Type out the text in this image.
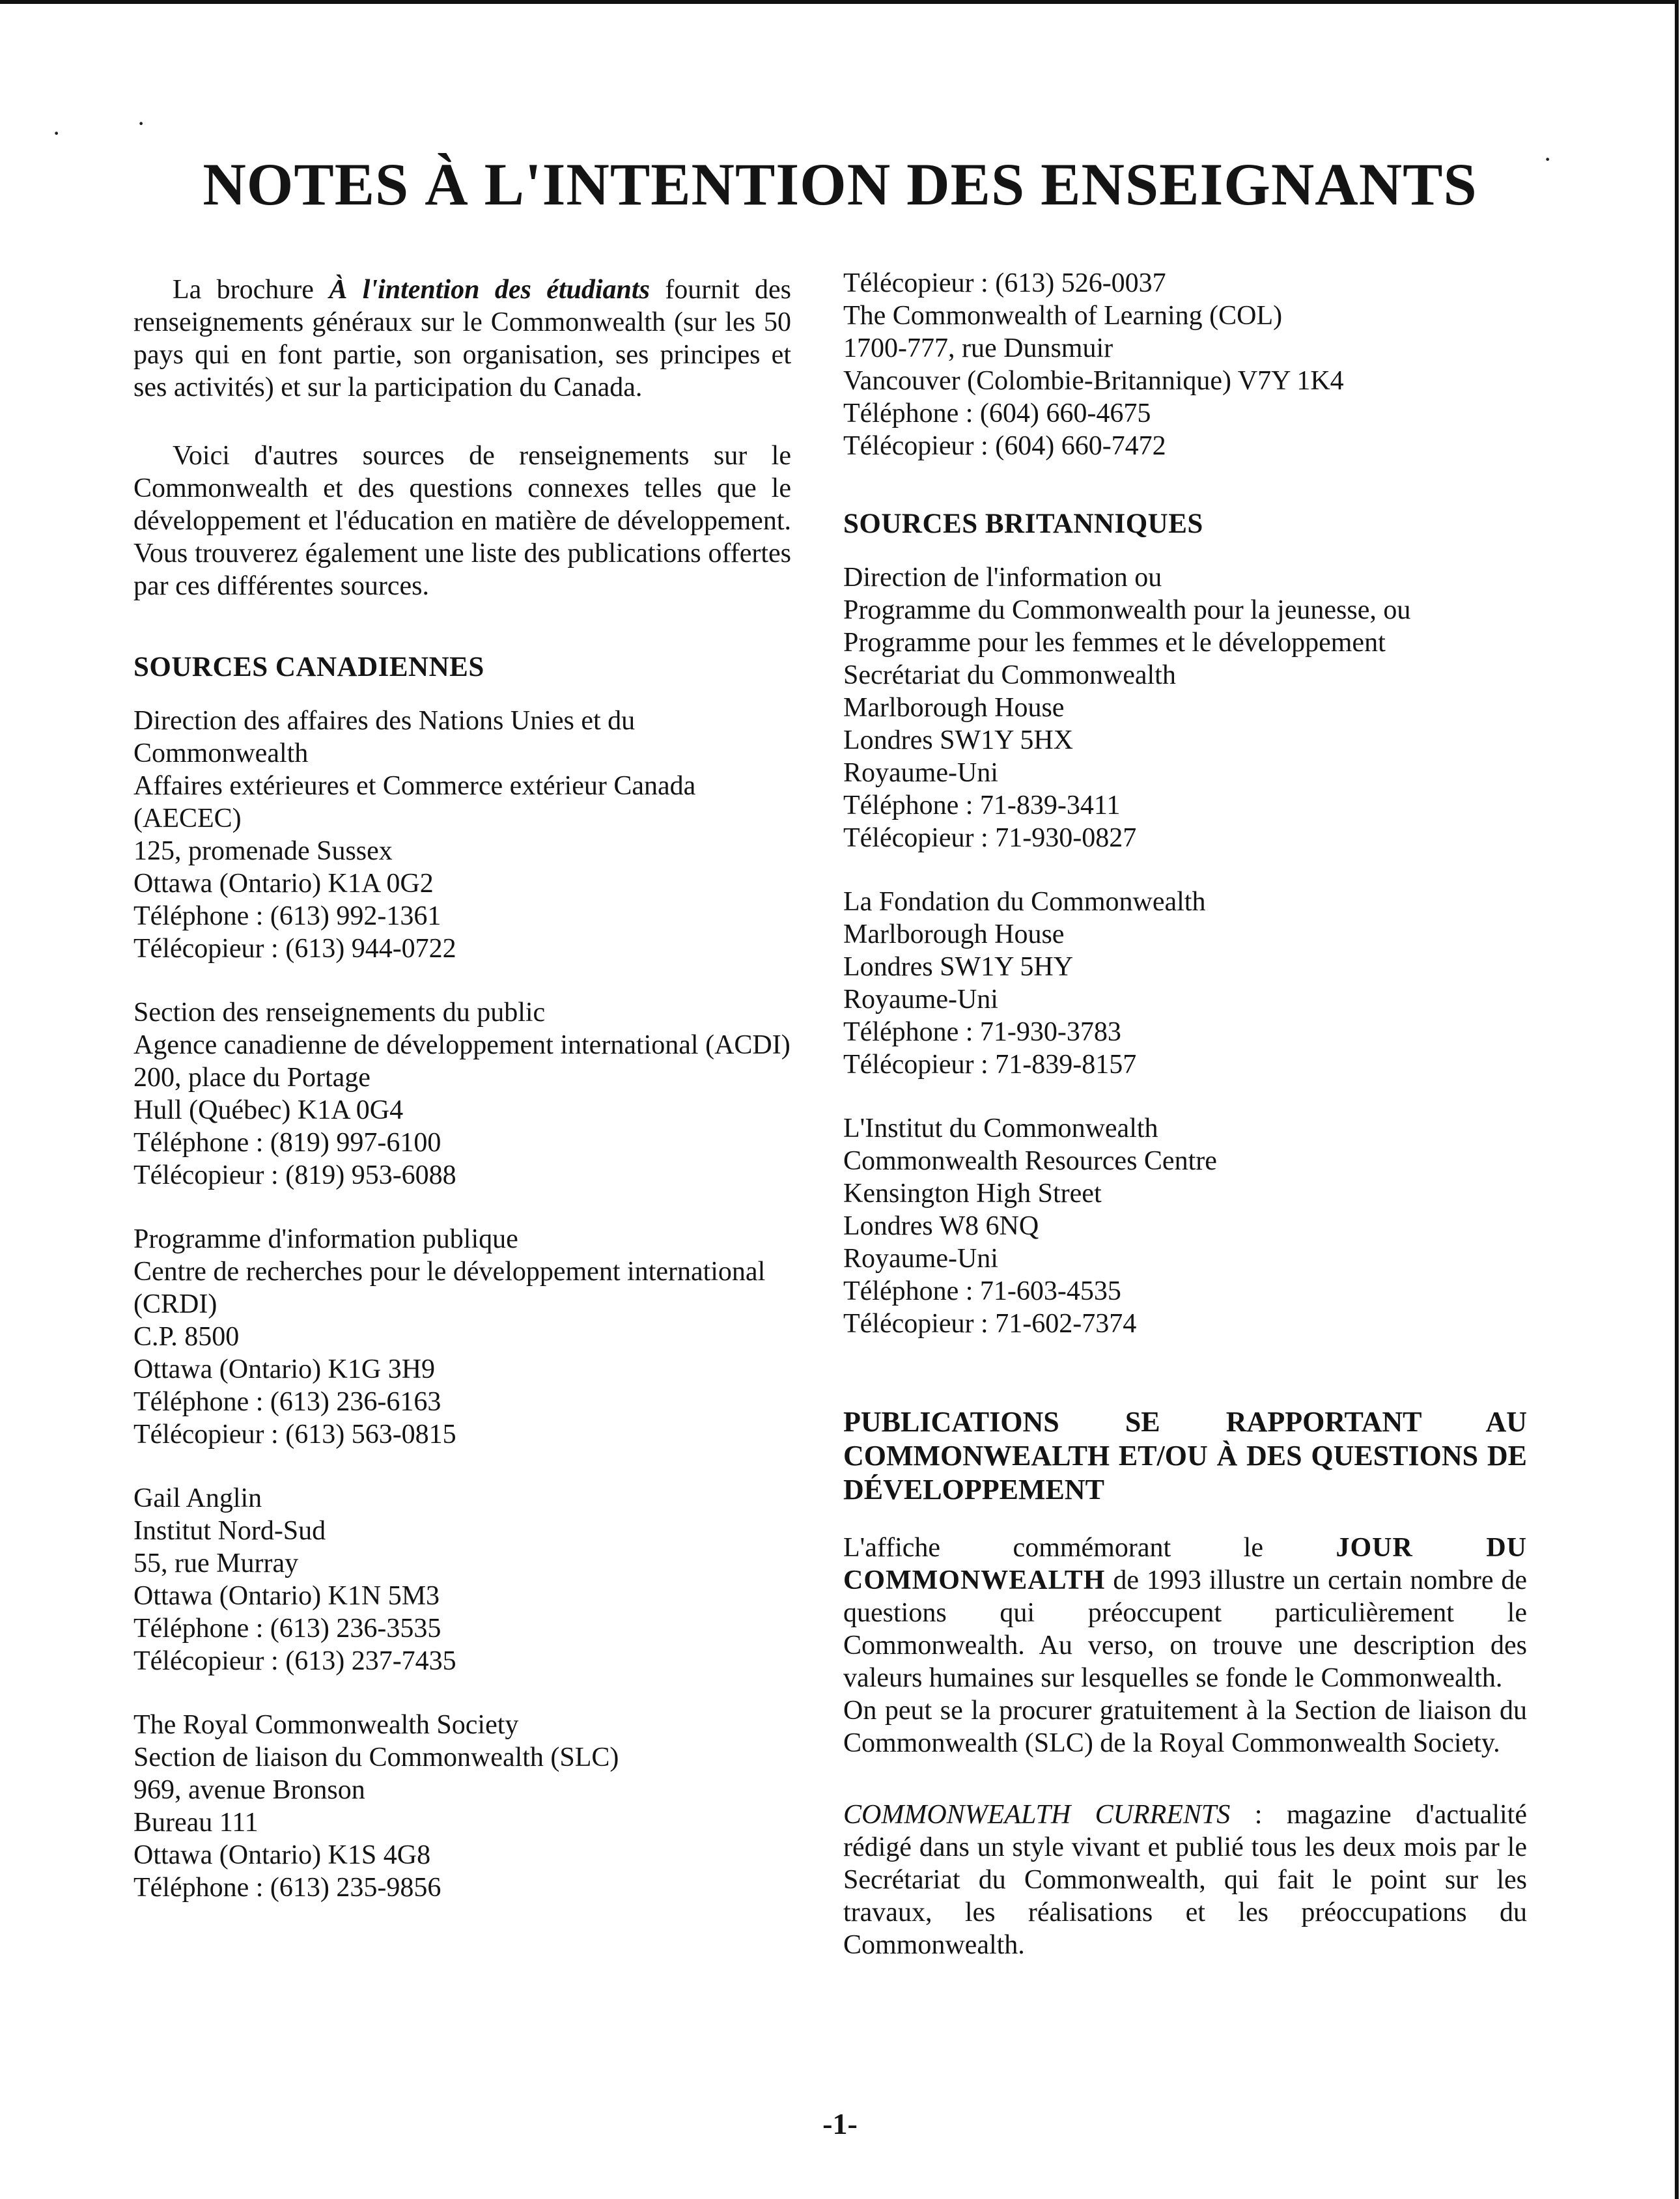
·	·
·
NOTES À L'INTENTION DES ENSEIGNANTS

La brochure À l'intention des étudiants fournit des renseignements généraux sur le Commonwealth (sur les 50 pays qui en font partie, son organisation, ses principes et ses activités) et sur la participation du Canada.

Voici d'autres sources de renseignements sur le Commonwealth et des questions connexes telles que le développement et l'éducation en matière de développement. Vous trouverez également une liste des publications offertes par ces différentes sources.

SOURCES CANADIENNES
Direction des affaires des Nations Unies et du Commonwealth
Affaires extérieures et Commerce extérieur Canada (AECEC)
125, promenade Sussex
Ottawa (Ontario) K1A 0G2
Téléphone : (613) 992-1361
Télécopieur : (613) 944-0722
Section des renseignements du public
Agence canadienne de développement international (ACDI)
200, place du Portage
Hull (Québec) K1A 0G4
Téléphone : (819) 997-6100
Télécopieur : (819) 953-6088
Programme d'information publique
Centre de recherches pour le développement international (CRDI)
C.P. 8500
Ottawa (Ontario) K1G 3H9
Téléphone : (613) 236-6163
Télécopieur : (613) 563-0815
Gail Anglin
Institut Nord-Sud
55, rue Murray
Ottawa (Ontario) K1N 5M3
Téléphone : (613) 236-3535
Télécopieur : (613) 237-7435
The Royal Commonwealth Society
Section de liaison du Commonwealth (SLC)
969, avenue Bronson
Bureau 111
Ottawa (Ontario) K1S 4G8
Téléphone : (613) 235-9856
Télécopieur : (613) 526-0037
The Commonwealth of Learning (COL)
1700-777, rue Dunsmuir
Vancouver (Colombie-Britannique) V7Y 1K4
Téléphone : (604) 660-4675
Télécopieur : (604) 660-7472
SOURCES BRITANNIQUES
Direction de l'information ou
Programme du Commonwealth pour la jeunesse, ou
Programme pour les femmes et le développement
Secrétariat du Commonwealth
Marlborough House
Londres SW1Y 5HX
Royaume-Uni
Téléphone : 71-839-3411
Télécopieur : 71-930-0827
La Fondation du Commonwealth
Marlborough House
Londres SW1Y 5HY
Royaume-Uni
Téléphone : 71-930-3783
Télécopieur : 71-839-8157
L'Institut du Commonwealth
Commonwealth Resources Centre
Kensington High Street
Londres W8 6NQ
Royaume-Uni
Téléphone : 71-603-4535
Télécopieur : 71-602-7374
PUBLICATIONS SE RAPPORTANT AU COMMONWEALTH ET/OU À DES QUESTIONS DE DÉVELOPPEMENT

L'affiche commémorant le	JOUR DU COMMONWEALTH de 1993 illustre un certain nombre de questions qui préoccupent particulièrement le Commonwealth. Au verso, on trouve une description des valeurs humaines sur lesquelles se fonde le Commonwealth.

On peut se la procurer gratuitement à la Section de liaison du Commonwealth (SLC) de la Royal Commonwealth Society.

COMMONWEALTH CURRENTS : magazine d'actualité rédigé dans un style vivant et publié tous les deux mois par le Secrétariat du Commonwealth, qui fait le point sur les travaux, les réalisations et les préoccupations du Commonwealth.

-1-
